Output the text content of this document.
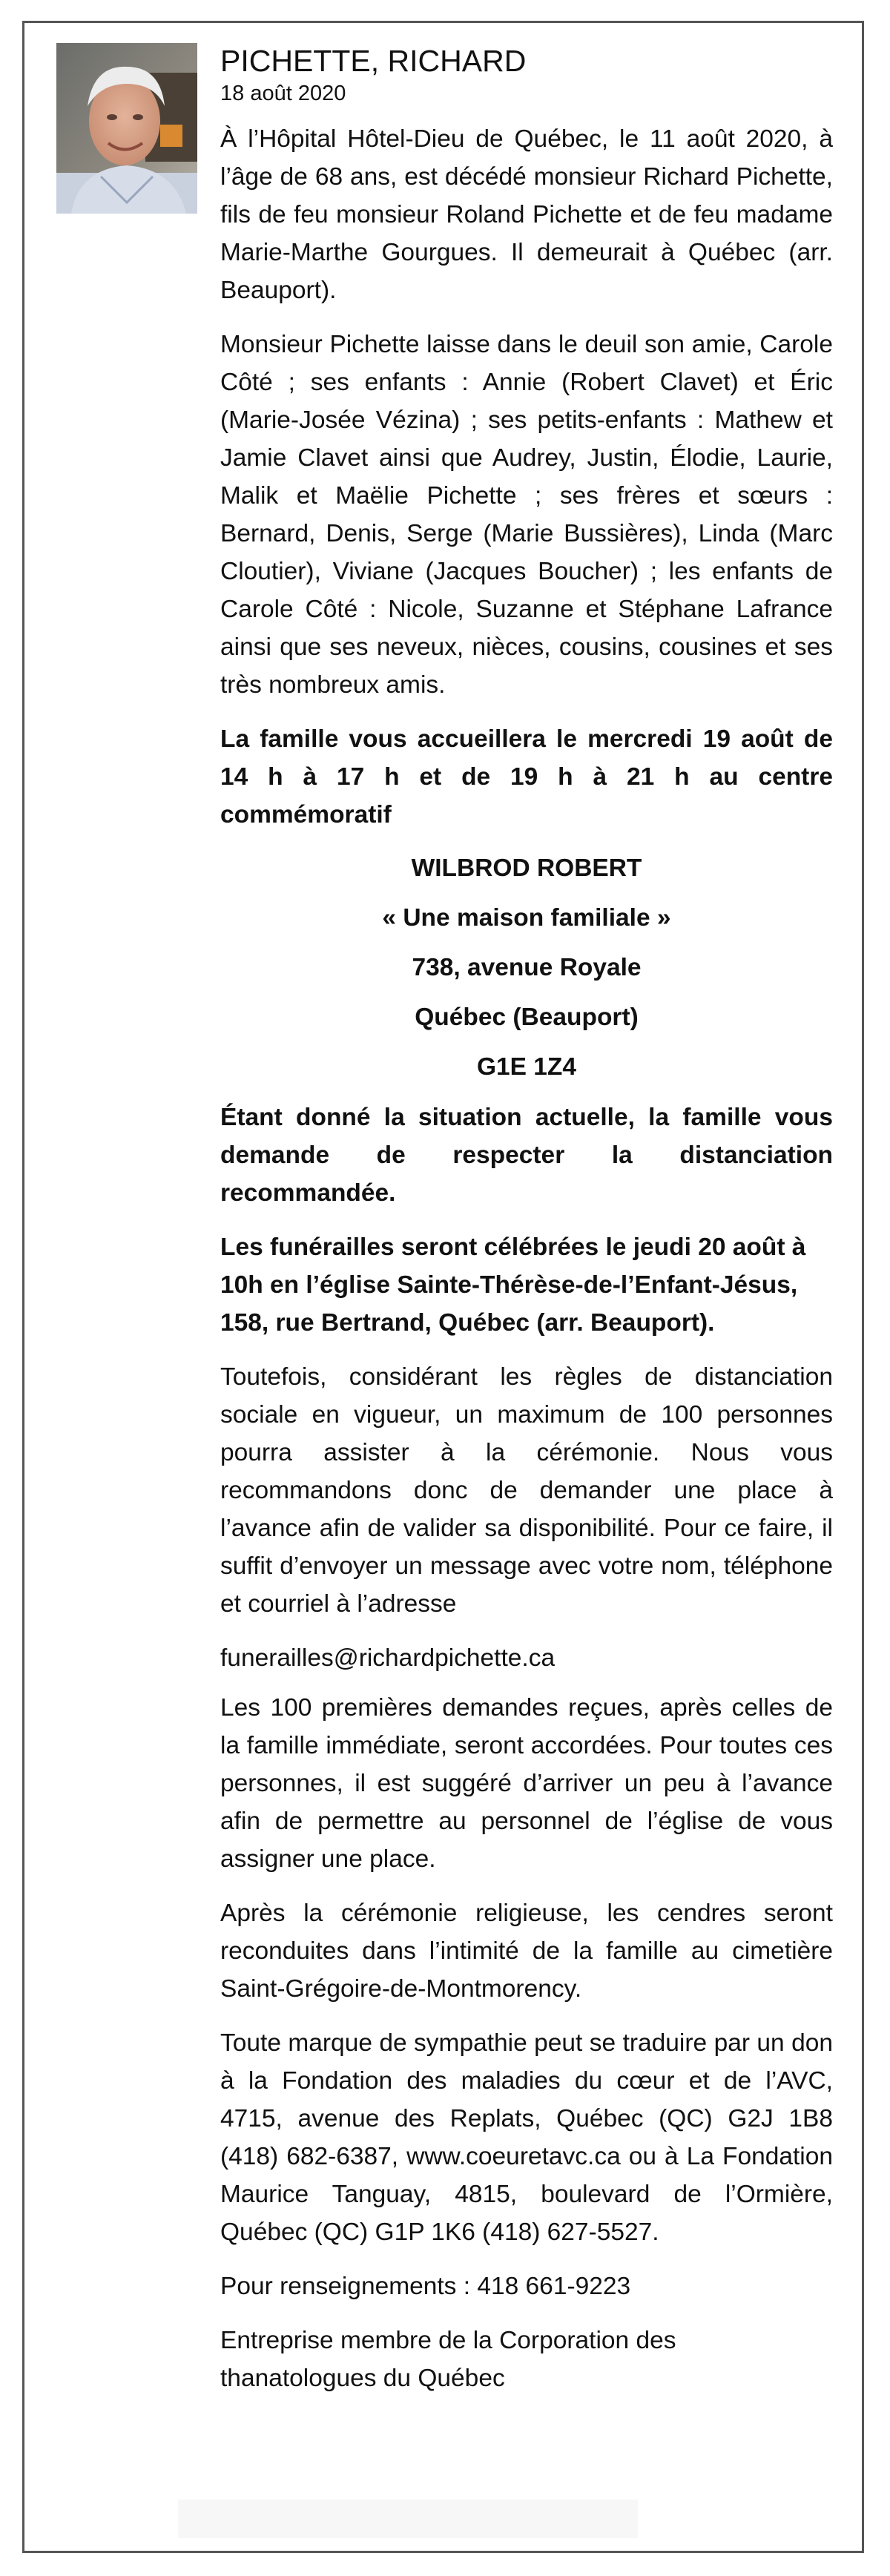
PICHETTE, RICHARD
18 août 2020

À l’Hôpital Hôtel-Dieu de Québec, le 11 août 2020, à l’âge de 68 ans, est décédé monsieur Richard Pichette, fils de feu monsieur Roland Pichette et de feu madame Marie-Marthe Gourgues. Il demeurait à Québec (arr. Beauport).

Monsieur Pichette laisse dans le deuil son amie, Carole Côté ; ses enfants : Annie (Robert Clavet) et Éric (Marie-Josée Vézina) ; ses petits-enfants : Mathew et Jamie Clavet ainsi que Audrey, Justin, Élodie, Laurie, Malik et Maëlie Pichette ; ses frères et sœurs : Bernard, Denis, Serge (Marie Bussières), Linda (Marc Cloutier), Viviane (Jacques Boucher) ; les enfants de Carole Côté : Nicole, Suzanne et Stéphane Lafrance ainsi que ses neveux, nièces, cousins, cousines et ses très nombreux amis.

La famille vous accueillera le mercredi 19 août de 14 h à 17 h et de 19 h à 21 h au centre commémoratif

WILBROD ROBERT
« Une maison familiale »
738, avenue Royale
Québec (Beauport)
G1E 1Z4

Étant donné la situation actuelle, la famille vous demande de respecter la distanciation recommandée.

Les funérailles seront célébrées le jeudi 20 août à 10h en l’église Sainte-Thérèse-de-l’Enfant-Jésus, 158, rue Bertrand, Québec (arr. Beauport).

Toutefois, considérant les règles de distanciation sociale en vigueur, un maximum de 100 personnes pourra assister à la cérémonie. Nous vous recommandons donc de demander une place à l’avance afin de valider sa disponibilité. Pour ce faire, il suffit d’envoyer un message avec votre nom, téléphone et courriel à l’adresse

funerailles@richardpichette.ca

Les 100 premières demandes reçues, après celles de la famille immédiate, seront accordées. Pour toutes ces personnes, il est suggéré d’arriver un peu à l’avance afin de permettre au personnel de l’église de vous assigner une place.

Après la cérémonie religieuse, les cendres seront reconduites dans l’intimité de la famille au cimetière Saint-Grégoire-de-Montmorency.

Toute marque de sympathie peut se traduire par un don à la Fondation des maladies du cœur et de l’AVC, 4715, avenue des Replats, Québec (QC) G2J 1B8 (418) 682-6387, www.coeuretavc.ca ou à La Fondation Maurice Tanguay, 4815, boulevard de l’Ormière, Québec (QC) G1P 1K6 (418) 627-5527.

Pour renseignements : 418 661-9223

Entreprise membre de la Corporation des thanatologues du Québec
